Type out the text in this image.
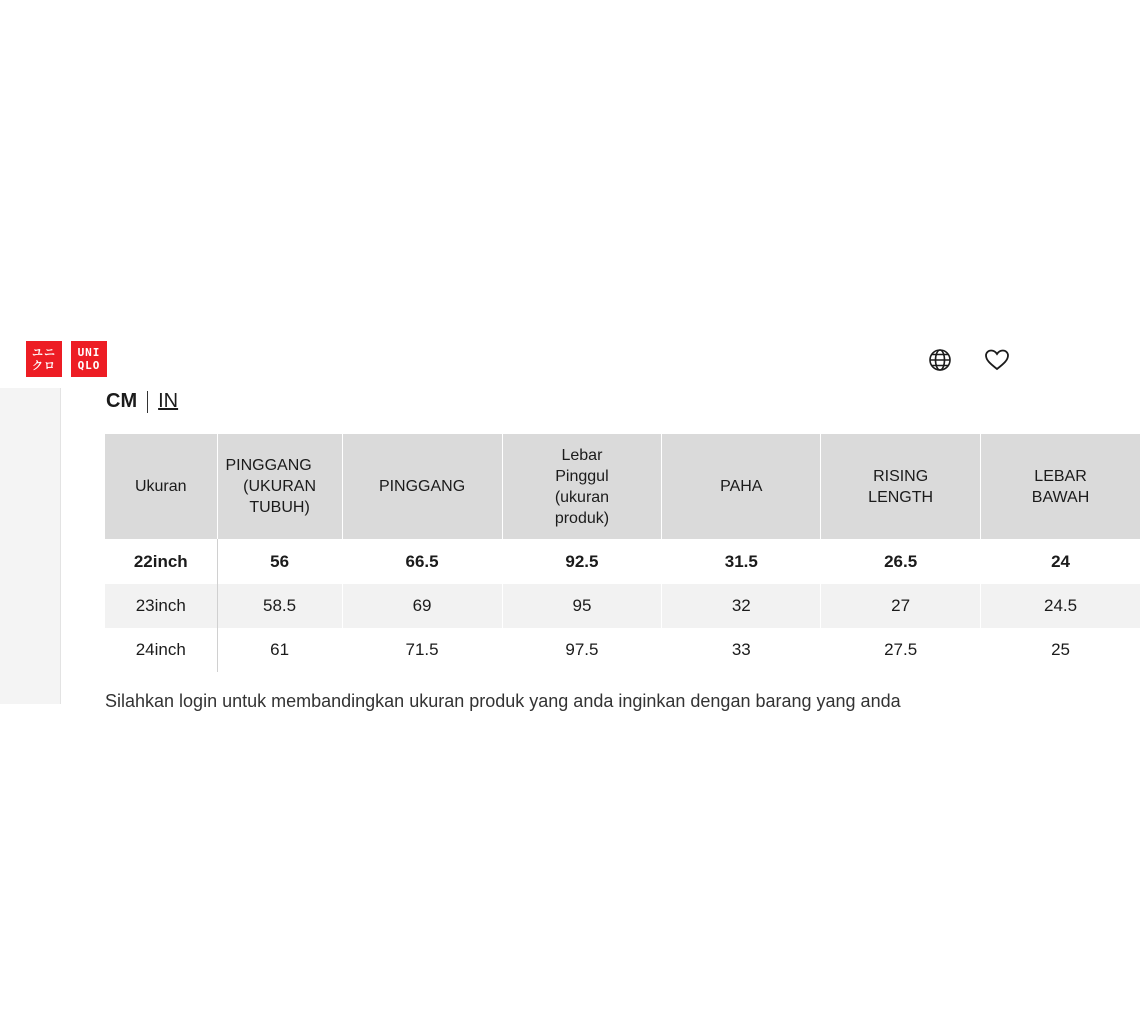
ユニ
クロ
UNI
QLO
CM IN
Ukuran	PINGGANG
(UKURAN
TUBUH)	PINGGANG	Lebar
Pinggul
(ukuran
produk)	PAHA	RISING
LENGTH	LEBAR
BAWAH

22inch	56	66.5	92.5	31.5	26.5	24
23inch	58.5	69	95	32	27	24.5
24inch	61	71.5	97.5	33	27.5	25
Silahkan login untuk membandingkan ukuran produk yang anda inginkan dengan barang yang anda
